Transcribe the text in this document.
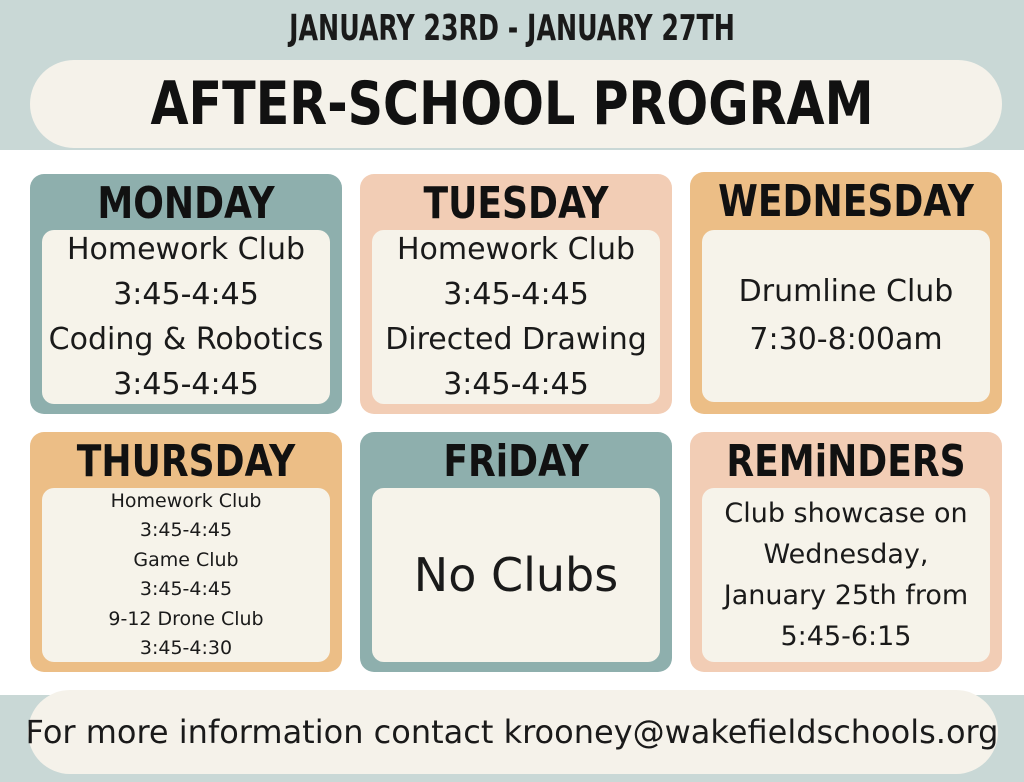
JANUARY 23RD - JANUARY 27TH
AFTER-SCHOOL PROGRAM
MONDAY
Homework Club
3:45-4:45
Coding & Robotics
3:45-4:45
TUESDAY
Homework Club
3:45-4:45
Directed Drawing
3:45-4:45
WEDNESDAY
Drumline Club
7:30-8:00am
THURSDAY
Homework Club
3:45-4:45
Game Club
3:45-4:45
9-12 Drone Club
3:45-4:30
FRiDAY
No Clubs
REMiNDERS
Club showcase on
Wednesday,
January 25th from
5:45-6:15
For more information contact krooney@wakefieldschools.org
